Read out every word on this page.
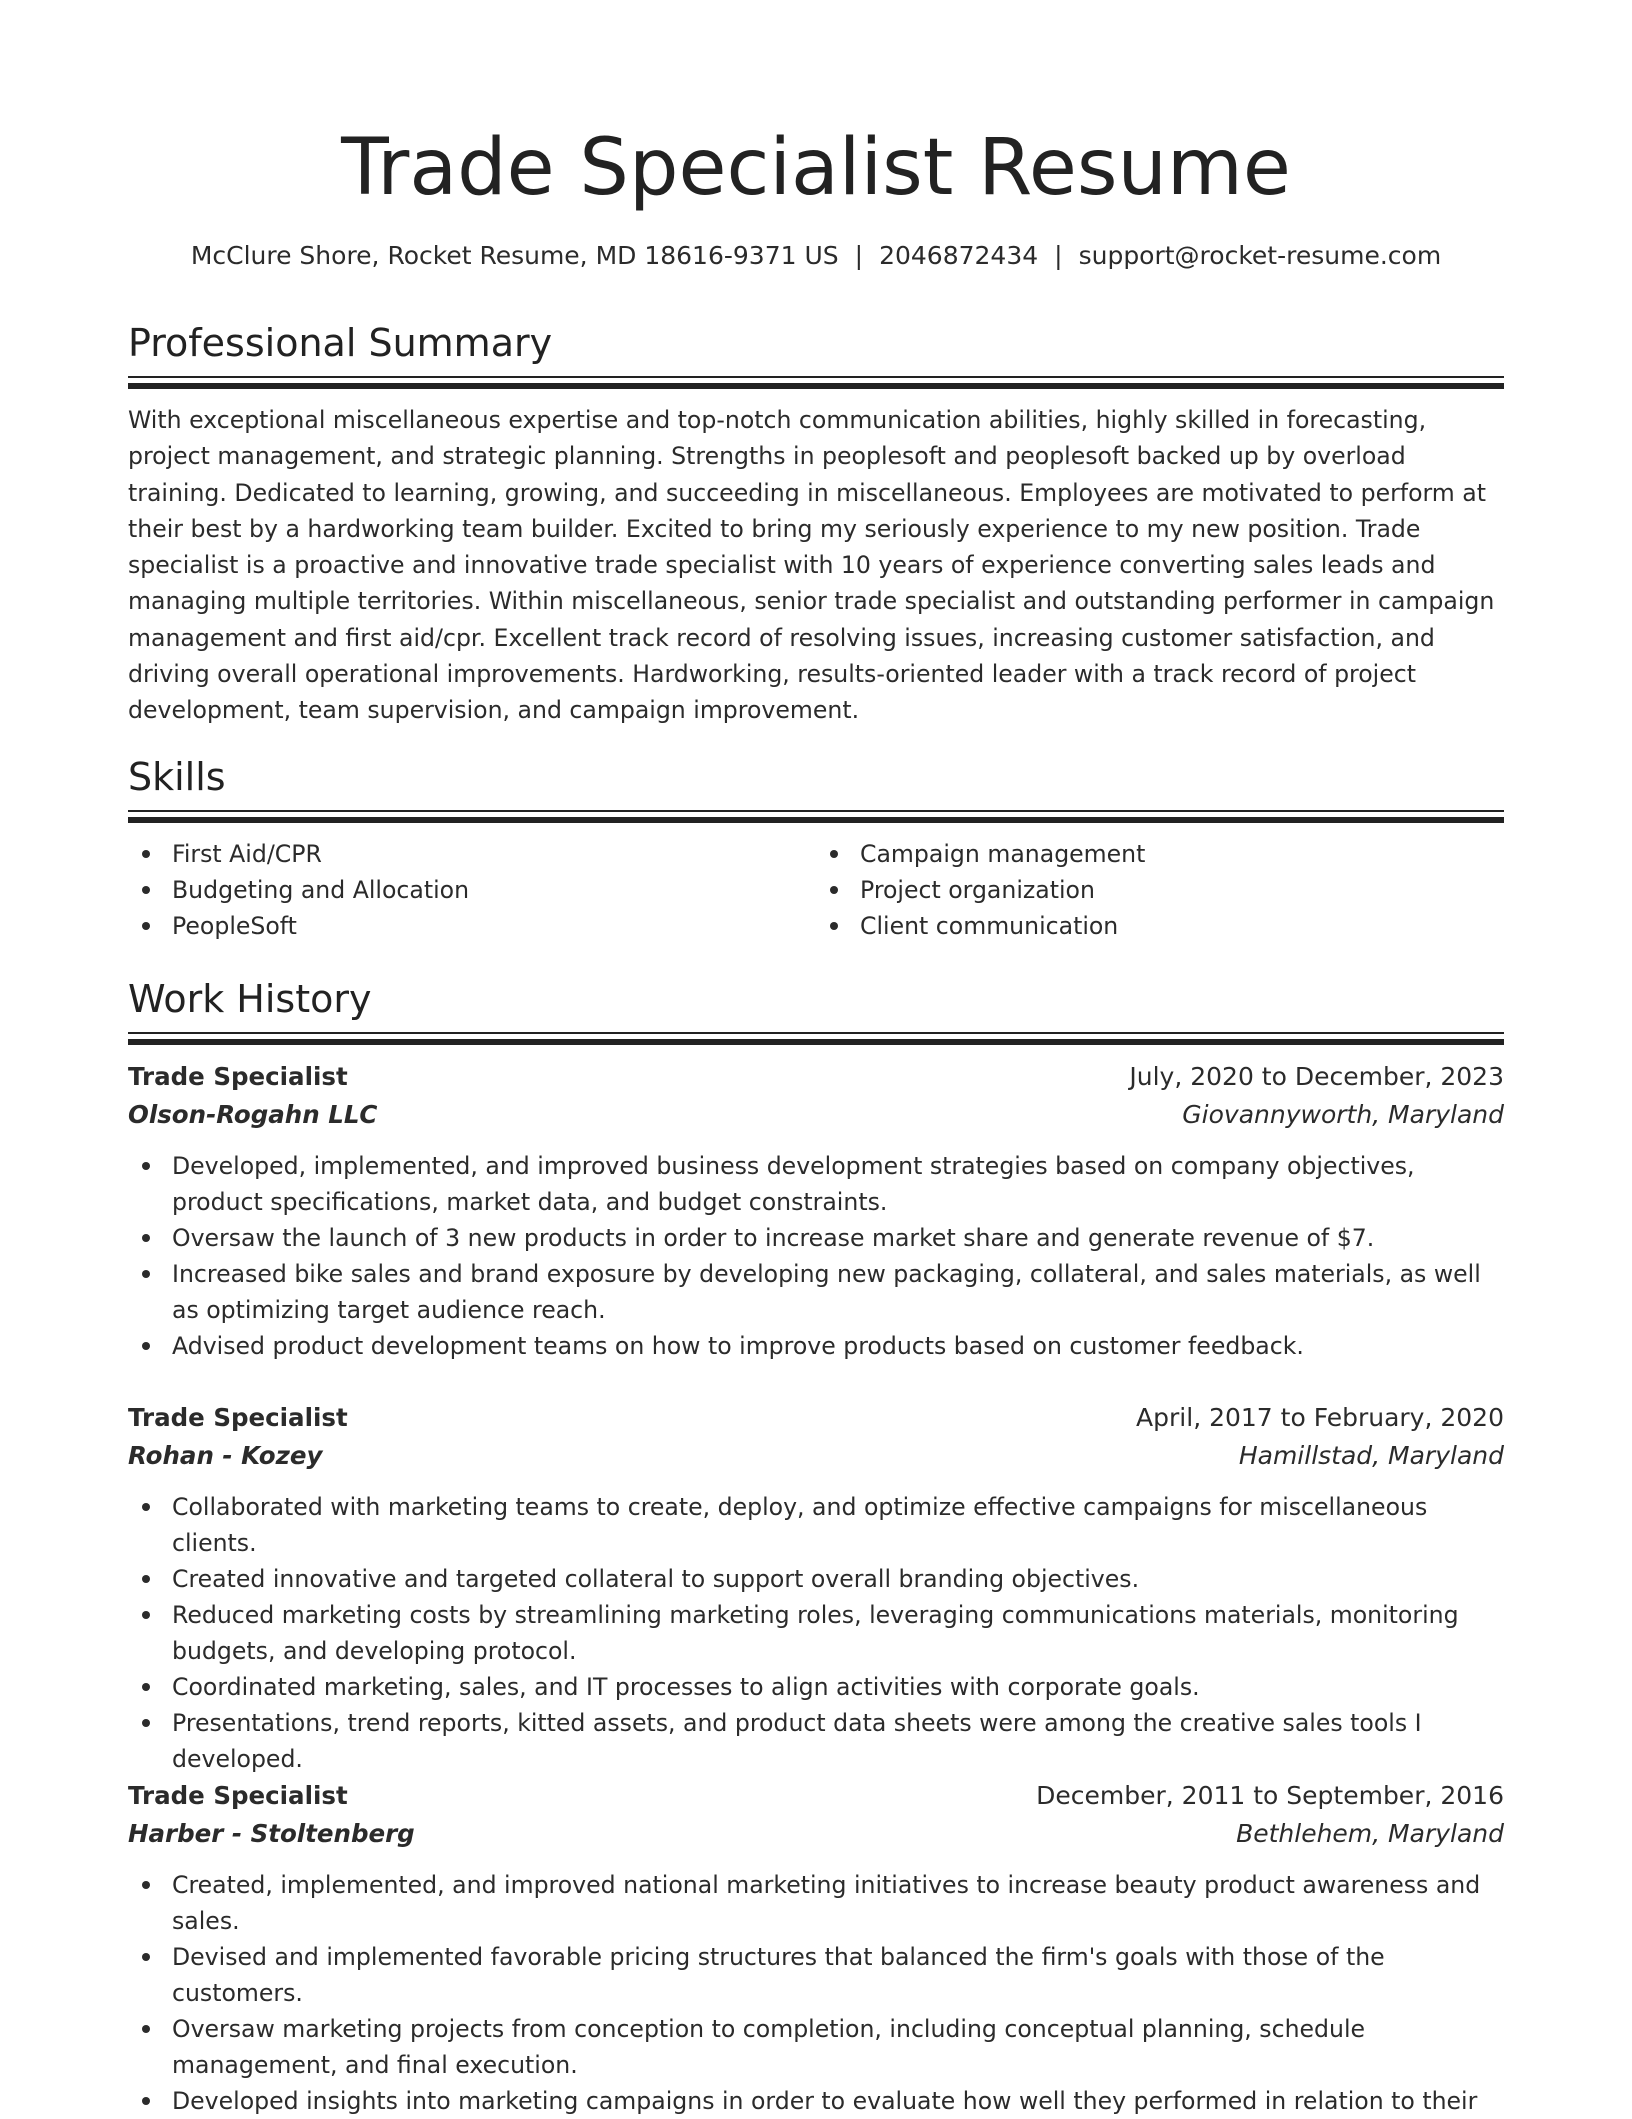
Trade Specialist Resume
McClure Shore, Rocket Resume, MD 18616-9371 US | 2046872434 | support@rocket-resume.com
Professional Summary

With exceptional miscellaneous expertise and top-notch communication abilities, highly skilled in forecasting, project management, and strategic planning. Strengths in peoplesoft and peoplesoft backed up by overload training. Dedicated to learning, growing, and succeeding in miscellaneous. Employees are motivated to perform at their best by a hardworking team builder. Excited to bring my seriously experience to my new position. Trade specialist is a proactive and innovative trade specialist with 10 years of experience converting sales leads and managing multiple territories. Within miscellaneous, senior trade specialist and outstanding performer in campaign management and first aid/cpr. Excellent track record of resolving issues, increasing customer satisfaction, and driving overall operational improvements. Hardworking, results-oriented leader with a track record of project development, team supervision, and campaign improvement.

Skills
First Aid/CPR
Budgeting and Allocation
PeopleSoft
Campaign management
Project organization
Client communication
Work History
Trade Specialist	July, 2020 to December, 2023
Olson-Rogahn LLC	Giovannyworth, Maryland
Developed, implemented, and improved business development strategies based on company objectives, product specifications, market data, and budget constraints.
Oversaw the launch of 3 new products in order to increase market share and generate revenue of $7.
Increased bike sales and brand exposure by developing new packaging, collateral, and sales materials, as well as optimizing target audience reach.
Advised product development teams on how to improve products based on customer feedback.
Trade Specialist	April, 2017 to February, 2020
Rohan - Kozey	Hamillstad, Maryland
Collaborated with marketing teams to create, deploy, and optimize effective campaigns for miscellaneous clients.
Created innovative and targeted collateral to support overall branding objectives.
Reduced marketing costs by streamlining marketing roles, leveraging communications materials, monitoring budgets, and developing protocol.
Coordinated marketing, sales, and IT processes to align activities with corporate goals.
Presentations, trend reports, kitted assets, and product data sheets were among the creative sales tools I developed.
Trade Specialist	December, 2011 to September, 2016
Harber - Stoltenberg	Bethlehem, Maryland
Created, implemented, and improved national marketing initiatives to increase beauty product awareness and sales.
Devised and implemented favorable pricing structures that balanced the firm's goals with those of the customers.
Oversaw marketing projects from conception to completion, including conceptual planning, schedule management, and final execution.
Developed insights into marketing campaigns in order to evaluate how well they performed in relation to their
